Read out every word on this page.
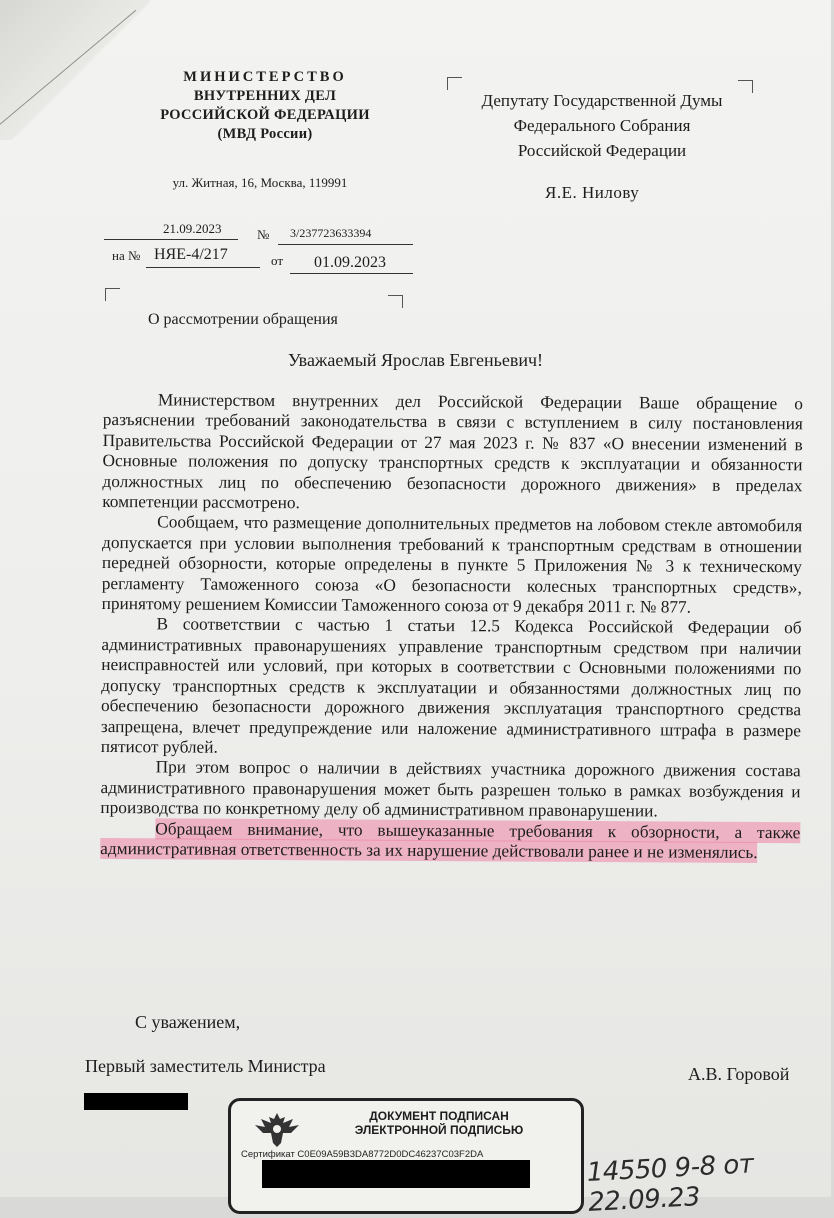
МИНИСТЕРСТВО
ВНУТРЕННИХ ДЕЛ
РОССИЙСКОЙ ФЕДЕРАЦИИ
(МВД России)
ул. Житная, 16, Москва, 119991
Депутату Государственной Думы
Федерального Собрания
Российской Федерации
Я.Е. Нилову
21.09.2023	№ 3/237723633394
на № НЯЕ-4/217	от 01.09.2023
О рассмотрении обращения
Уважаемый Ярослав Евгеньевич!

Министерством внутренних дел Российской Федерации Ваше обращение о разъяснении требований законодательства в связи с вступлением в силу постановления Правительства Российской Федерации от 27 мая 2023 г. № 837 «О внесении изменений в Основные положения по допуску транспортных средств к эксплуатации и обязанности должностных лиц по обеспечению безопасности дорожного движения» в пределах компетенции рассмотрено.

Сообщаем, что размещение дополнительных предметов на лобовом стекле автомобиля допускается при условии выполнения требований к транспортным средствам в отношении передней обзорности, которые определены в пункте 5 Приложения № 3 к техническому регламенту Таможенного союза «О безопасности колесных транспортных средств», принятому решением Комиссии Таможенного союза от 9 декабря 2011 г. № 877.

В соответствии с частью 1 статьи 12.5 Кодекса Российской Федерации об административных правонарушениях управление транспортным средством при наличии неисправностей или условий, при которых в соответствии с Основными положениями по допуску транспортных средств к эксплуатации и обязанностями должностных лиц по обеспечению безопасности дорожного движения эксплуатация транспортного средства запрещена, влечет предупреждение или наложение административного штрафа в размере пятисот рублей.

При этом вопрос о наличии в действиях участника дорожного движения состава административного правонарушения может быть разрешен только в рамках возбуждения и производства по конкретному делу об административном правонарушении.

Обращаем внимание, что вышеуказанные требования к обзорности, а также административная ответственность за их нарушение действовали ранее и не изменялись.

С уважением,
Первый заместитель Министра	А.В. Горовой
ДОКУМЕНТ ПОДПИСАН
ЭЛЕКТРОННОЙ ПОДПИСЬЮ
Сертификат С0Е09А59В3DА8772D0DС46237С03F2DА	14550 9-8 от 22.09.23
